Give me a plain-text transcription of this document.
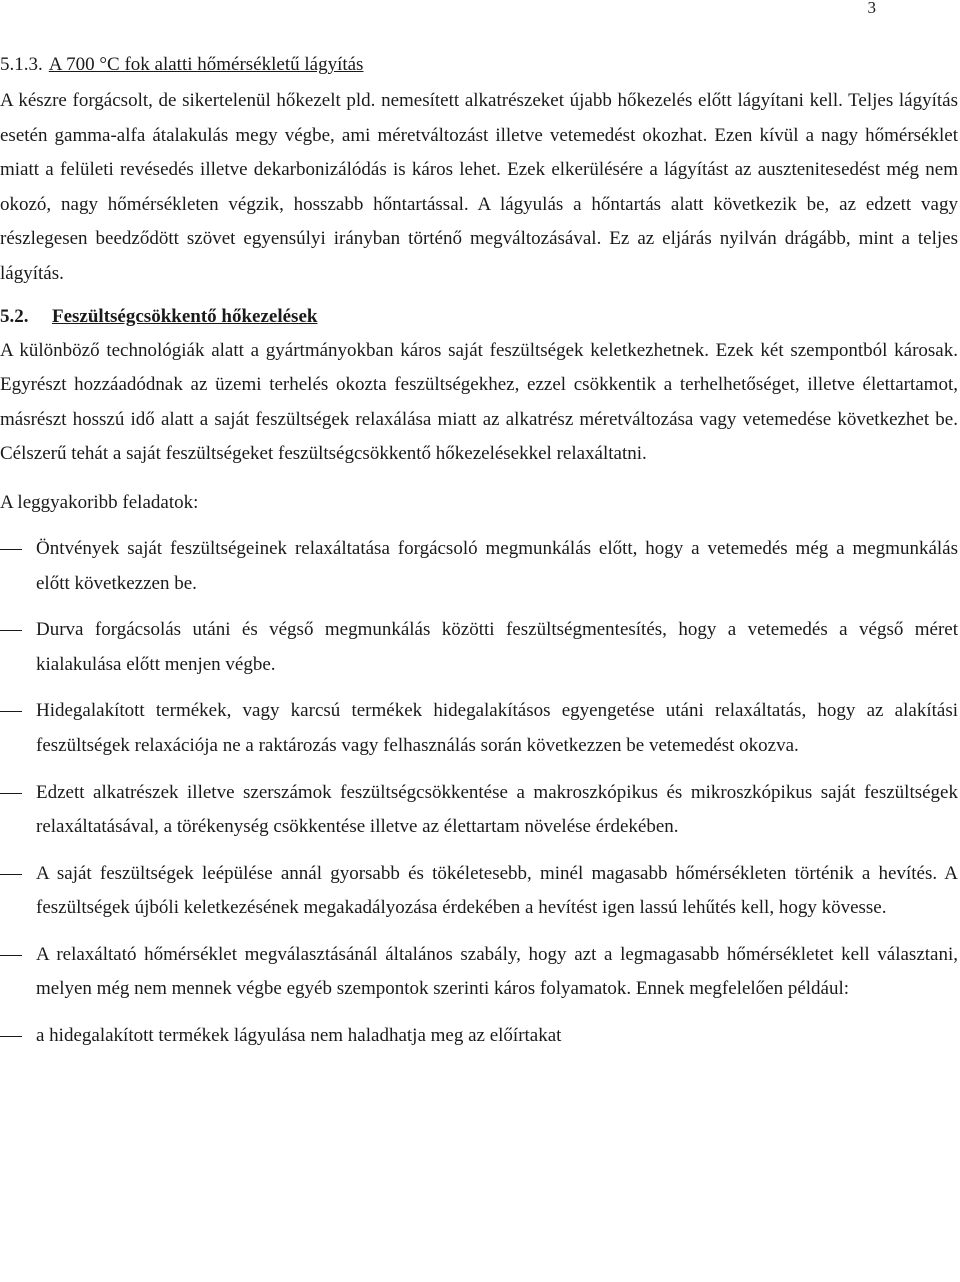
3
5.1.3. A 700 °C fok alatti hőmérsékletű lágyítás

A készre forgácsolt, de sikertelenül hőkezelt pld. nemesített alkatrészeket újabb hőkezelés előtt lágyítani kell. Teljes lágyítás esetén gamma-alfa átalakulás megy végbe, ami méretváltozást illetve vetemedést okozhat. Ezen kívül a nagy hőmérséklet miatt a felületi revésedés illetve dekarbonizálódás is káros lehet. Ezek elkerülésére a lágyítást az ausztenitesedést még nem okozó, nagy hőmérsékleten végzik, hosszabb hőntartással. A lágyulás a hőntartás alatt következik be, az edzett vagy részlegesen beedződött szövet egyensúlyi irányban történő megváltozásával. Ez az eljárás nyilván drágább, mint a teljes lágyítás.

5.2. Feszültségcsökkentő hőkezelések

A különböző technológiák alatt a gyártmányokban káros saját feszültségek keletkezhetnek. Ezek két szempontból károsak. Egyrészt hozzáadódnak az üzemi terhelés okozta feszültségekhez, ezzel csökkentik a terhelhetőséget, illetve élettartamot, másrészt hosszú idő alatt a saját feszültségek relaxálása miatt az alkatrész méretváltozása vagy vetemedése következhet be. Célszerű tehát a saját feszültségeket feszültségcsökkentő hőkezelésekkel relaxáltatni.

A leggyakoribb feladatok:
Öntvények saját feszültségeinek relaxáltatása forgácsoló megmunkálás előtt, hogy a vetemedés még a megmunkálás előtt következzen be.
Durva forgácsolás utáni és végső megmunkálás közötti feszültségmentesítés, hogy a vetemedés a végső méret kialakulása előtt menjen végbe.
Hidegalakított termékek, vagy karcsú termékek hidegalakításos egyengetése utáni relaxáltatás, hogy az alakítási feszültségek relaxációja ne a raktározás vagy felhasználás során következzen be vetemedést okozva.
Edzett alkatrészek illetve szerszámok feszültségcsökkentése a makroszkópikus és mikroszkópikus saját feszültségek relaxáltatásával, a törékenység csökkentése illetve az élettartam növelése érdekében.
A saját feszültségek leépülése annál gyorsabb és tökéletesebb, minél magasabb hőmérsékleten történik a hevítés. A feszültségek újbóli keletkezésének megakadályozása érdekében a hevítést igen lassú lehűtés kell, hogy kövesse.
A relaxáltató hőmérséklet megválasztásánál általános szabály, hogy azt a legmagasabb hőmérsékletet kell választani, melyen még nem mennek végbe egyéb szempontok szerinti káros folyamatok. Ennek megfelelően például:
a hidegalakított termékek lágyulása nem haladhatja meg az előírtakat
